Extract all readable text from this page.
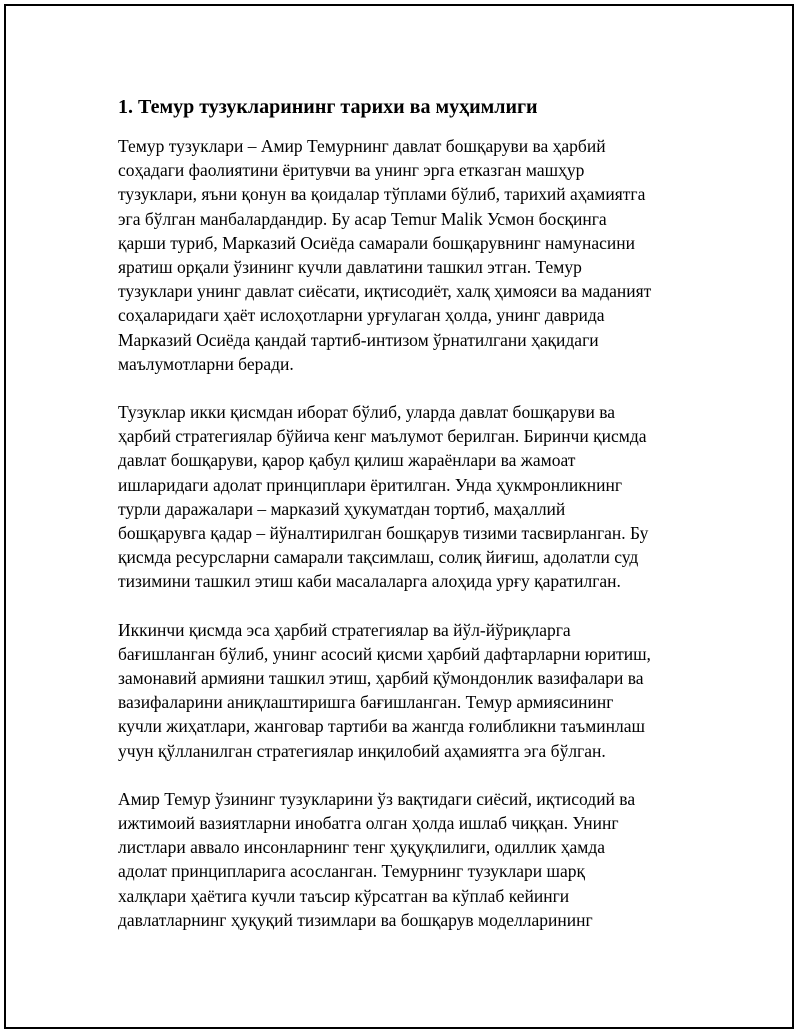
1. Темур тузукларининг тарихи ва муҳимлиги

Темур тузуклари – Амир Темурнинг давлат бошқаруви ва ҳарбий
соҳадаги фаолиятини ёритувчи ва унинг эрга етказган машҳур
тузуклари, яъни қонун ва қоидалар тўплами бўлиб, тарихий аҳамиятга
эга бўлган манбалардандир. Бу асар Temur Malik Усмон босқинга
қарши туриб, Марказий Осиёда самарали бошқарувнинг намунасини
яратиш орқали ўзининг кучли давлатини ташкил этган. Темур
тузуклари унинг давлат сиёсати, иқтисодиёт, халқ ҳимояси ва маданият
соҳаларидаги ҳаёт ислоҳотларни урғулаган ҳолда, унинг даврида
Марказий Осиёда қандай тартиб-интизом ўрнатилгани ҳақидаги
маълумотларни беради.

Тузуклар икки қисмдан иборат бўлиб, уларда давлат бошқаруви ва
ҳарбий стратегиялар бўйича кенг маълумот берилган. Биринчи қисмда
давлат бошқаруви, қарор қабул қилиш жараёнлари ва жамоат
ишларидаги адолат принциплари ёритилган. Унда ҳукмронликнинг
турли даражалари – марказий ҳукуматдан тортиб, маҳаллий
бошқарувга қадар – йўналтирилган бошқарув тизими тасвирланган. Бу
қисмда ресурсларни самарали тақсимлаш, солиқ йиғиш, адолатли суд
тизимини ташкил этиш каби масалаларга алоҳида урғу қаратилган.

Иккинчи қисмда эса ҳарбий стратегиялар ва йўл-йўриқларга
бағишланган бўлиб, унинг асосий қисми ҳарбий дафтарларни юритиш,
замонавий армияни ташкил этиш, ҳарбий қўмондонлик вазифалари ва
вазифаларини аниқлаштиришга бағишланган. Темур армиясининг
кучли жиҳатлари, жанговар тартиби ва жангда ғолибликни таъминлаш
учун қўлланилган стратегиялар инқилобий аҳамиятга эга бўлган.

Амир Темур ўзининг тузукларини ўз вақтидаги сиёсий, иқтисодий ва
ижтимоий вазиятларни инобатга олган ҳолда ишлаб чиққан. Унинг
листлари аввало инсонларнинг тенг ҳуқуқлилиги, одиллик ҳамда
адолат принципларига асосланган. Темурнинг тузуклари шарқ
халқлари ҳаётига кучли таъсир кўрсатган ва кўплаб кейинги
давлатларнинг ҳуқуқий тизимлари ва бошқарув моделларининг
